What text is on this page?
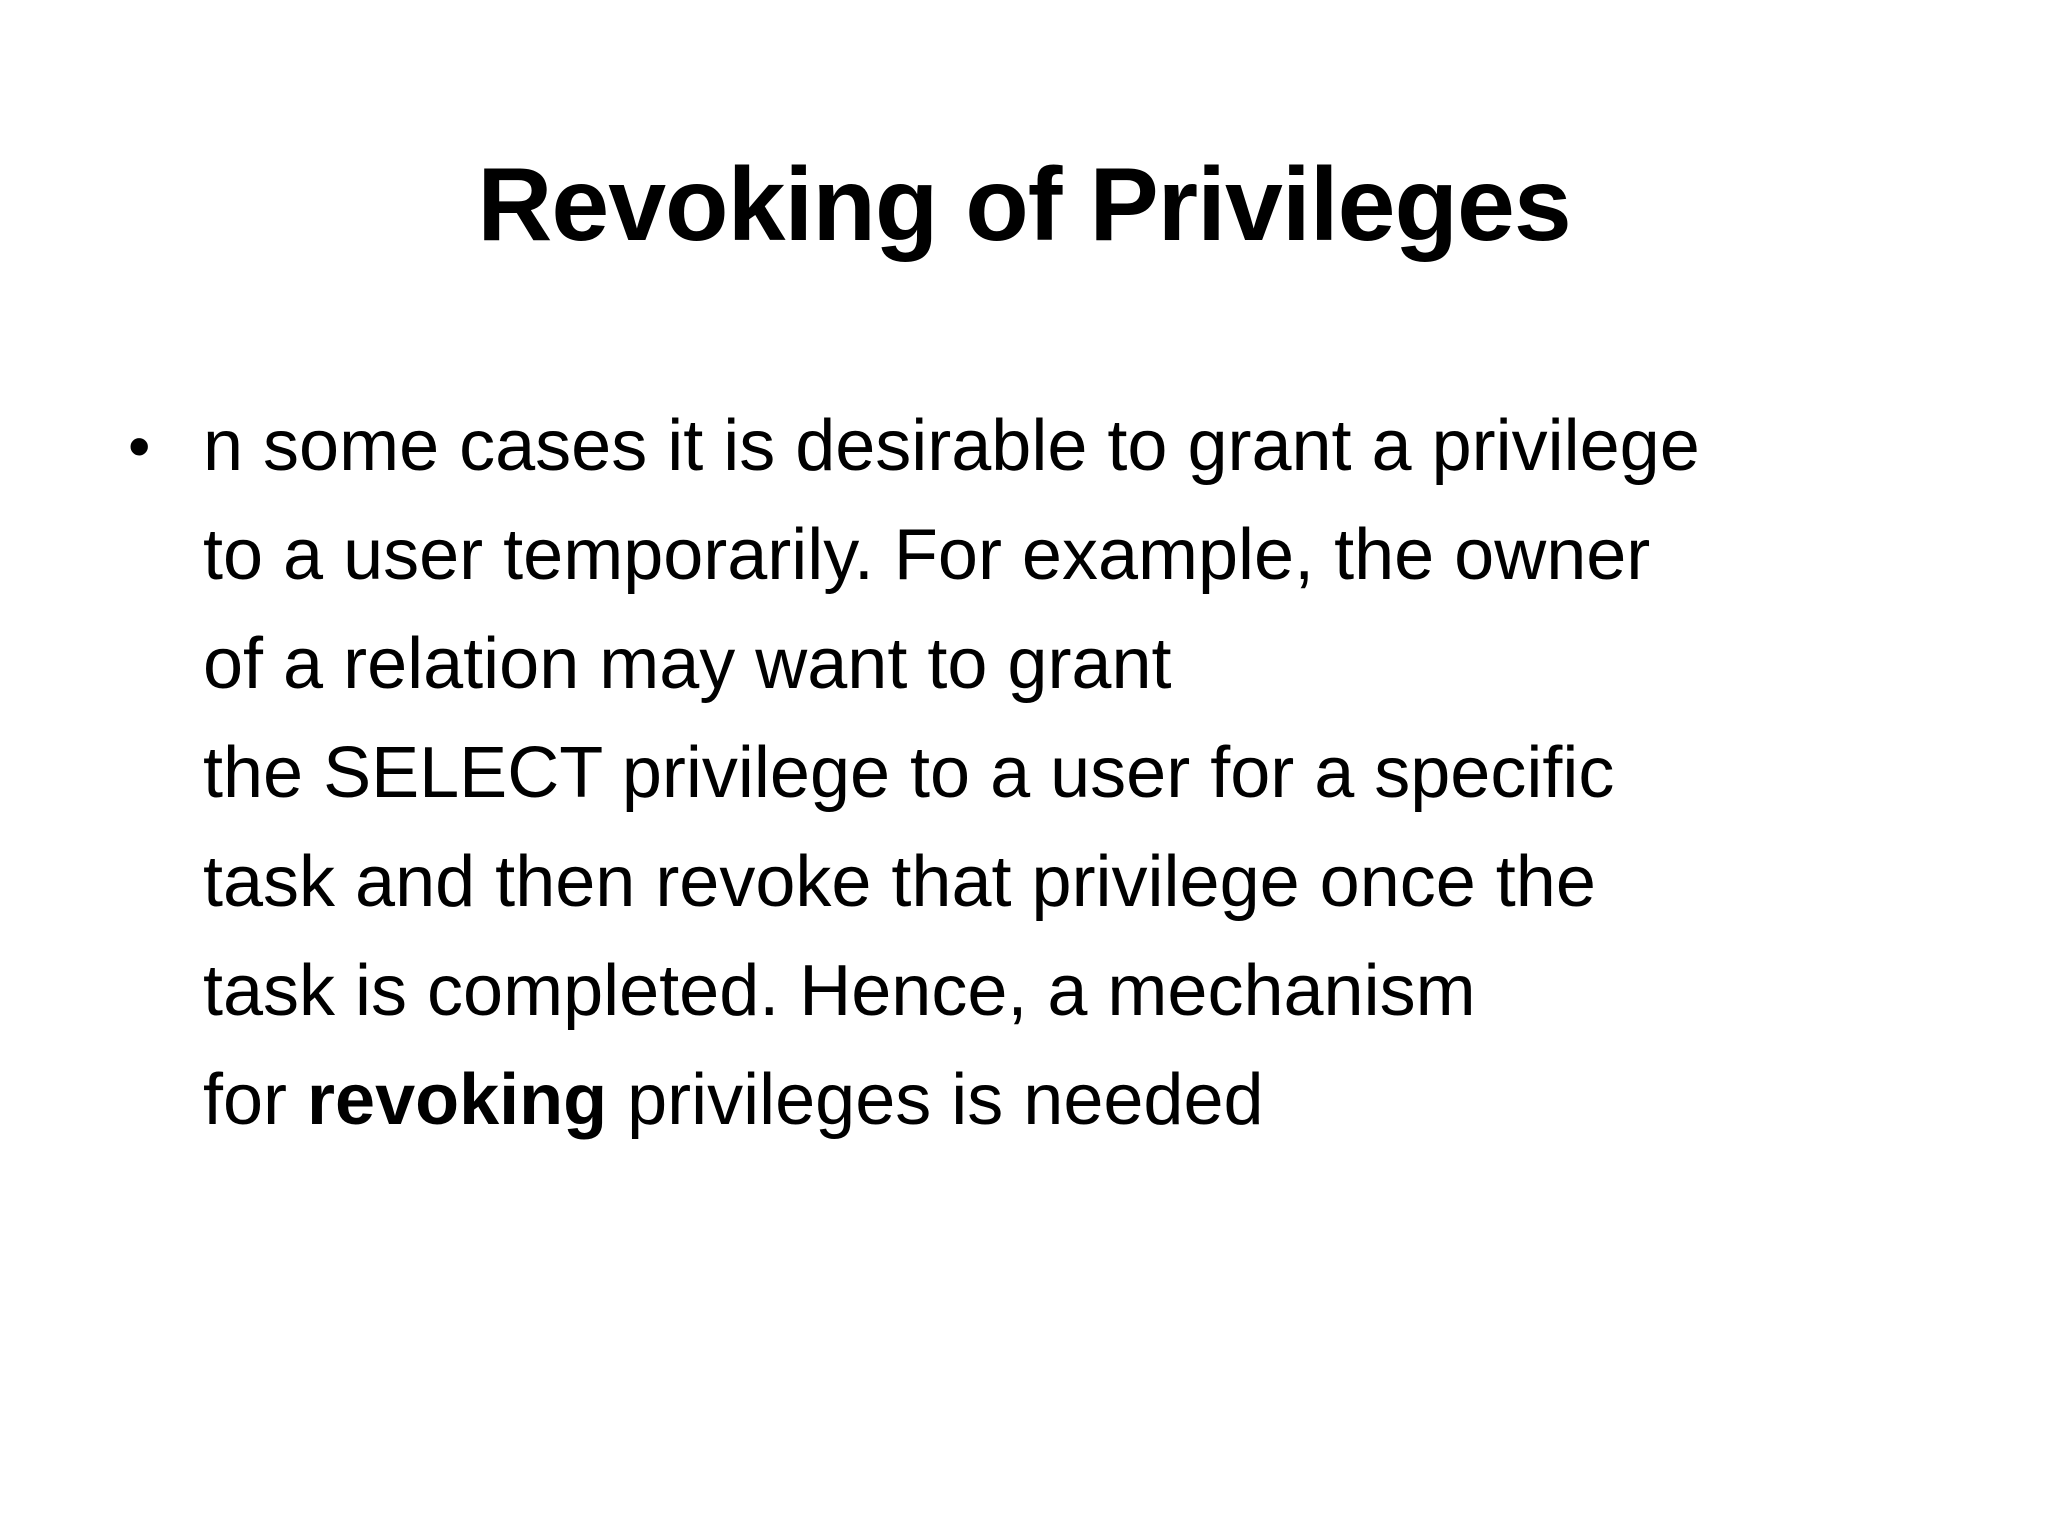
Revoking of Privileges
• n some cases it is desirable to grant a privilege
to a user temporarily. For example, the owner
of a relation may want to grant
the SELECT privilege to a user for a specific
task and then revoke that privilege once the
task is completed. Hence, a mechanism
for revoking privileges is needed
